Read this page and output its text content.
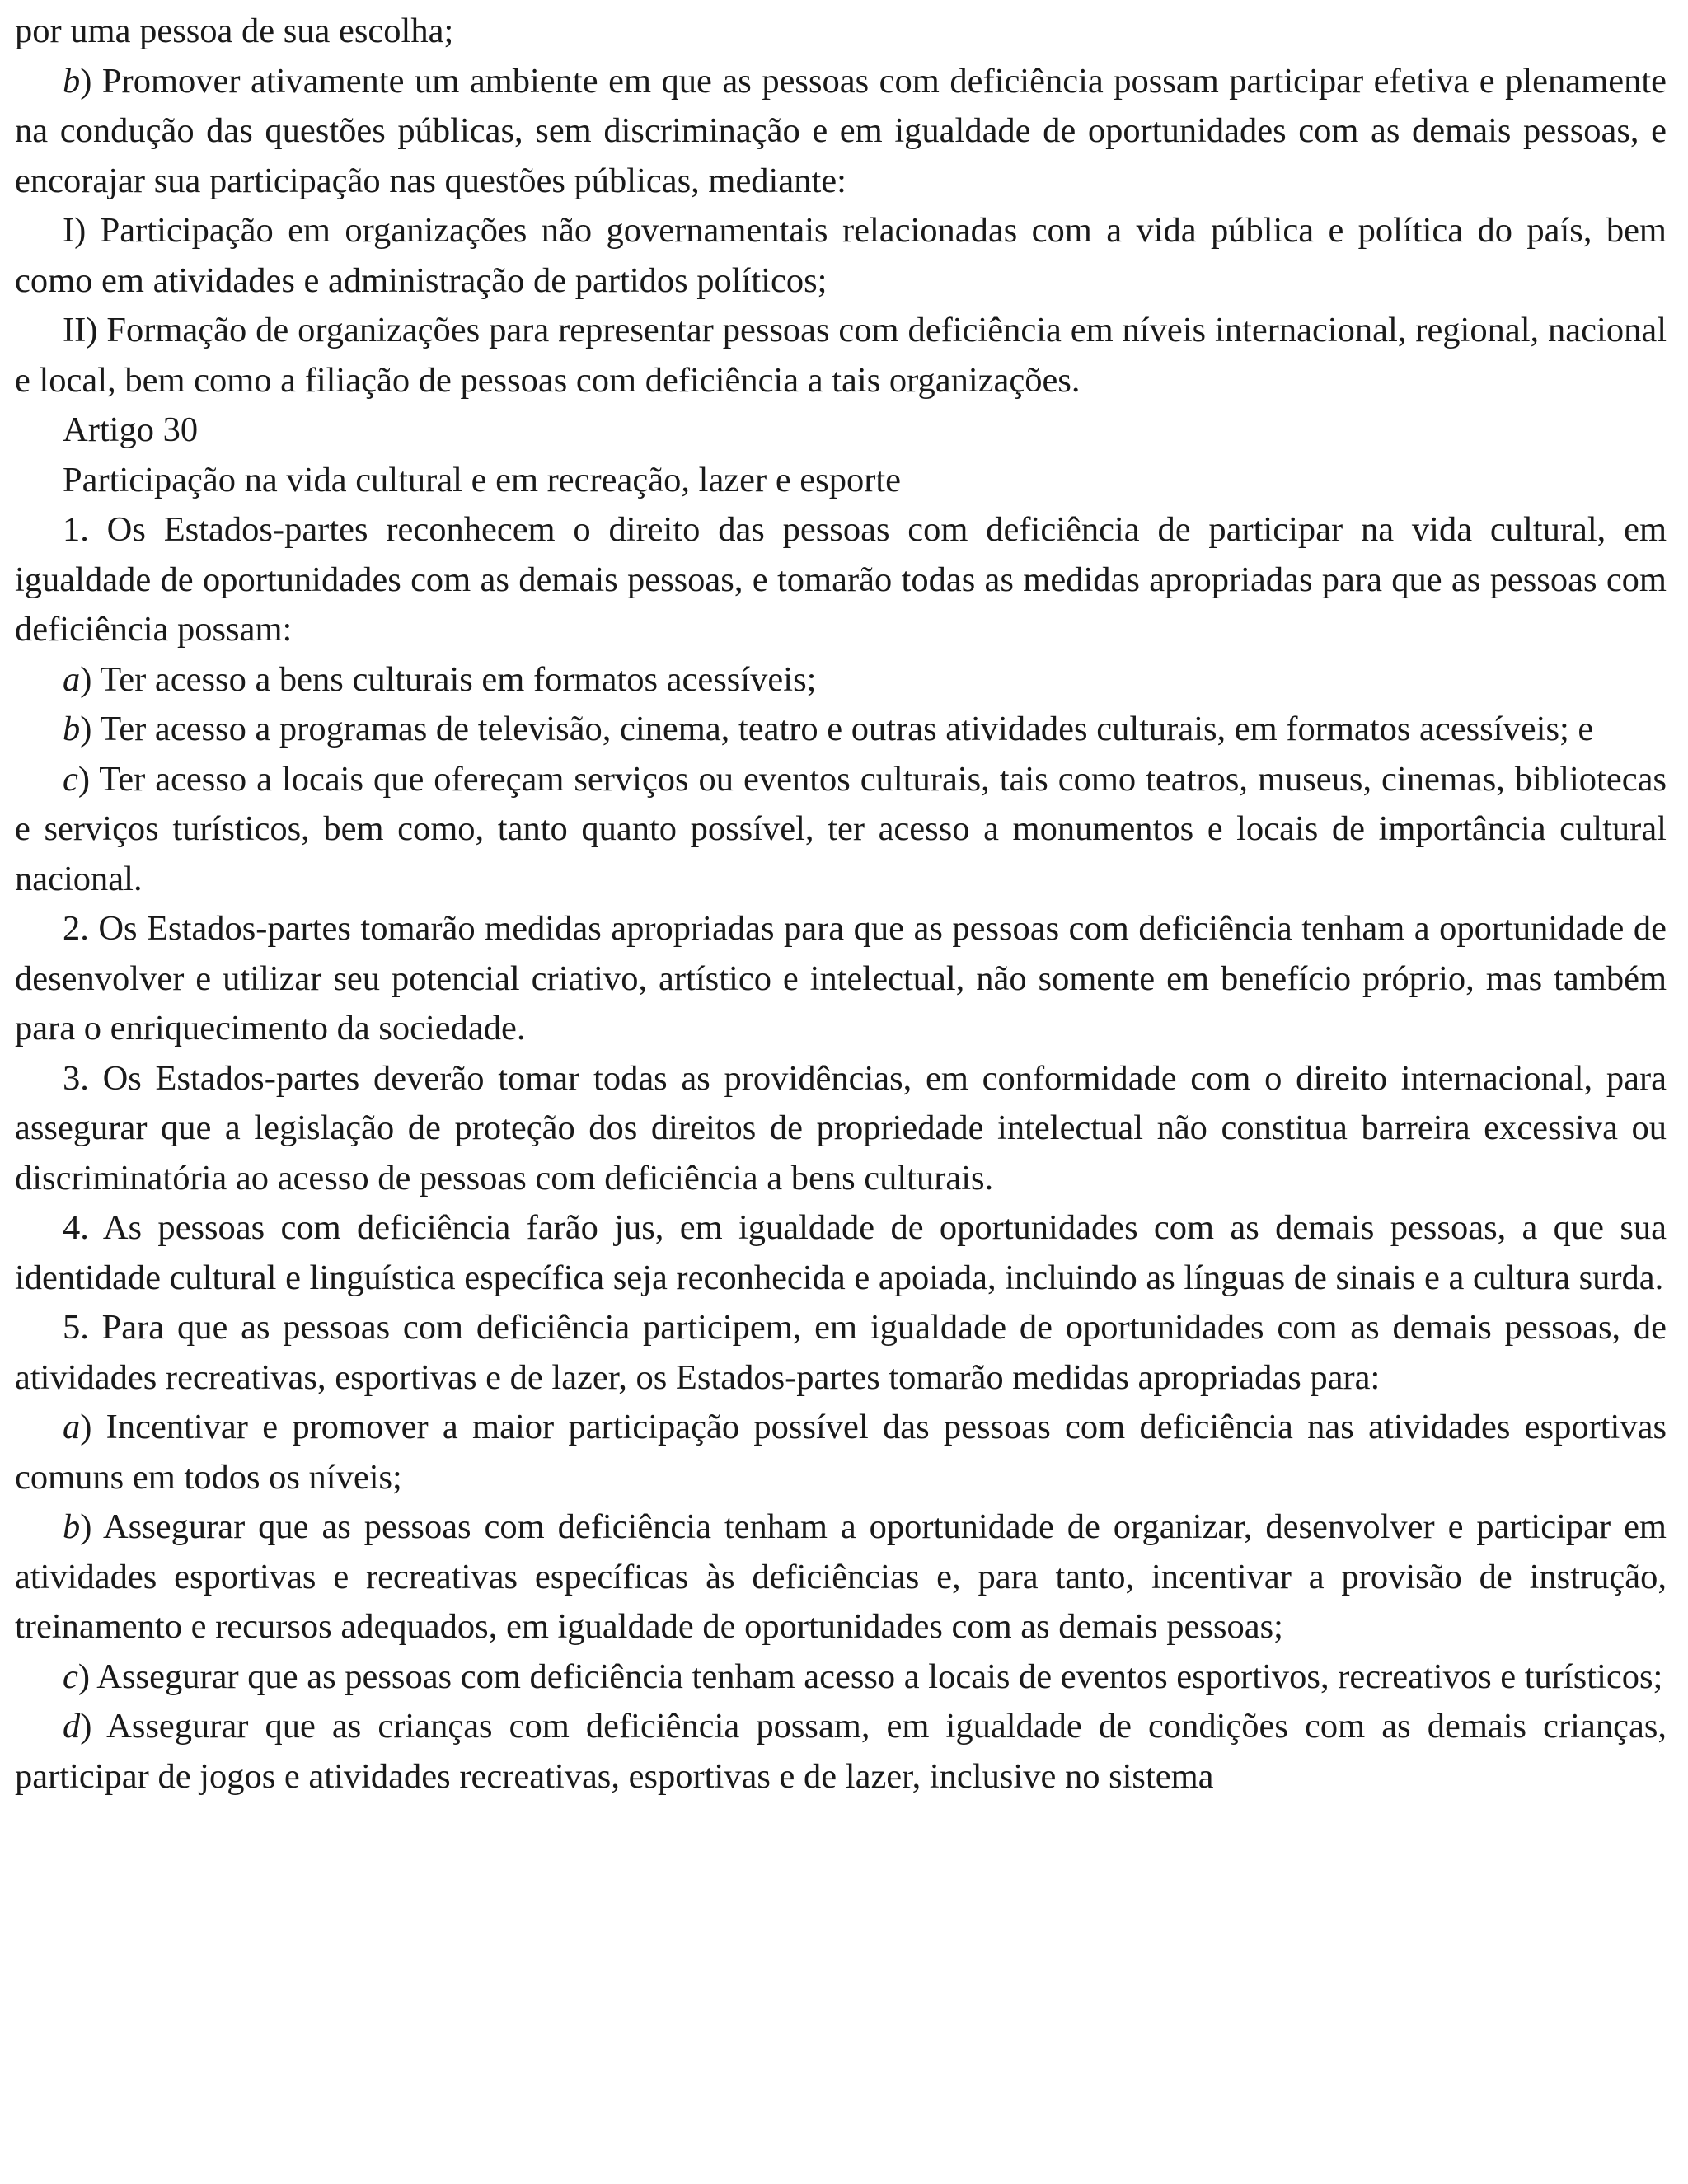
por uma pessoa de sua escolha;

b) Promover ativamente um ambiente em que as pessoas com deficiência possam participar efetiva e plenamente na condução das questões públicas, sem discriminação e em igualdade de oportunidades com as demais pessoas, e encorajar sua participação nas questões públicas, mediante:

I) Participação em organizações não governamentais relacionadas com a vida pública e política do país, bem como em atividades e administração de partidos políticos;

II) Formação de organizações para representar pessoas com deficiência em níveis internacional, regional, nacional e local, bem como a filiação de pessoas com deficiência a tais organizações.

Artigo 30

Participação na vida cultural e em recreação, lazer e esporte

1. Os Estados-partes reconhecem o direito das pessoas com deficiência de participar na vida cultural, em igualdade de oportunidades com as demais pessoas, e tomarão todas as medidas apropriadas para que as pessoas com deficiência possam:

a) Ter acesso a bens culturais em formatos acessíveis;

b) Ter acesso a programas de televisão, cinema, teatro e outras atividades culturais, em formatos acessíveis; e

c) Ter acesso a locais que ofereçam serviços ou eventos culturais, tais como teatros, museus, cinemas, bibliotecas e serviços turísticos, bem como, tanto quanto possível, ter acesso a monumentos e locais de importância cultural nacional.

2. Os Estados-partes tomarão medidas apropriadas para que as pessoas com deficiência tenham a oportunidade de desenvolver e utilizar seu potencial criativo, artístico e intelectual, não somente em benefício próprio, mas também para o enriquecimento da sociedade.

3. Os Estados-partes deverão tomar todas as providências, em conformidade com o direito internacional, para assegurar que a legislação de proteção dos direitos de propriedade intelectual não constitua barreira excessiva ou discriminatória ao acesso de pessoas com deficiência a bens culturais.

4. As pessoas com deficiência farão jus, em igualdade de oportunidades com as demais pessoas, a que sua identidade cultural e linguística específica seja reconhecida e apoiada, incluindo as línguas de sinais e a cultura surda.

5. Para que as pessoas com deficiência participem, em igualdade de oportunidades com as demais pessoas, de atividades recreativas, esportivas e de lazer, os Estados-partes tomarão medidas apropriadas para:

a) Incentivar e promover a maior participação possível das pessoas com deficiência nas atividades esportivas comuns em todos os níveis;

b) Assegurar que as pessoas com deficiência tenham a oportunidade de organizar, desenvolver e participar em atividades esportivas e recreativas específicas às deficiências e, para tanto, incentivar a provisão de instrução, treinamento e recursos adequados, em igualdade de oportunidades com as demais pessoas;

c) Assegurar que as pessoas com deficiência tenham acesso a locais de eventos esportivos, recreativos e turísticos;

d) Assegurar que as crianças com deficiência possam, em igualdade de condições com as demais crianças, participar de jogos e atividades recreativas, esportivas e de lazer, inclusive no sistema
